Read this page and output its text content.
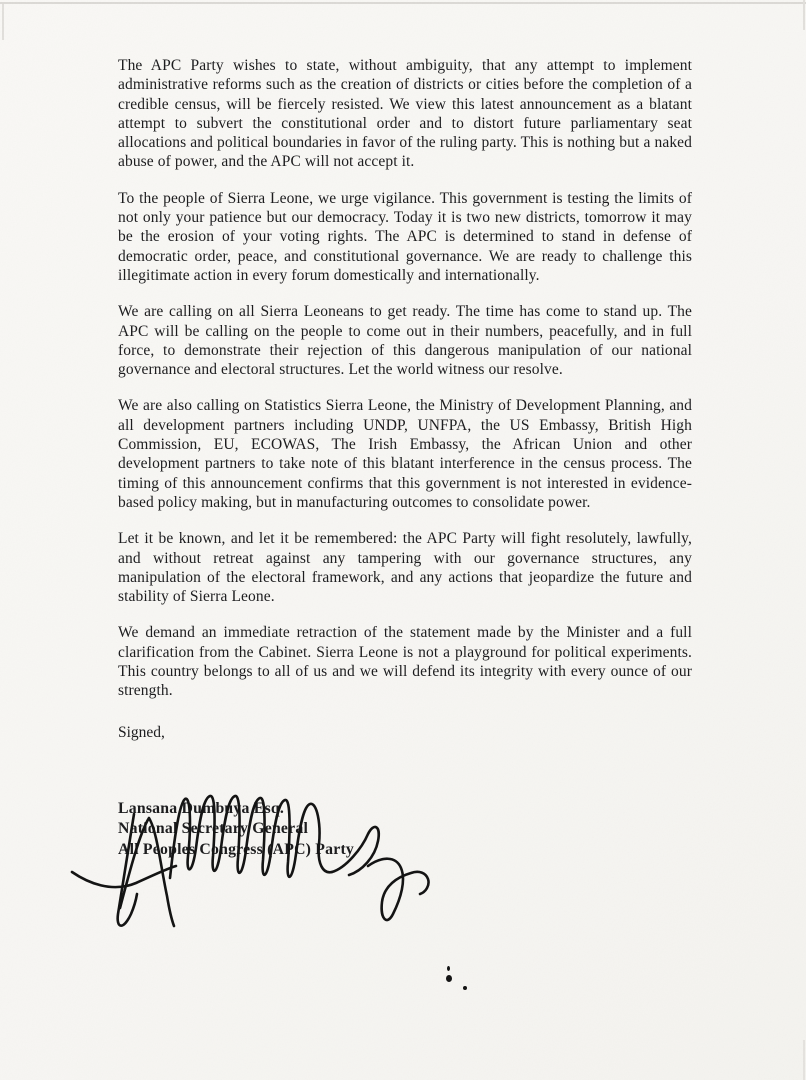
The APC Party wishes to state, without ambiguity, that any attempt to implement administrative reforms such as the creation of districts or cities before the completion of a credible census, will be fiercely resisted. We view this latest announcement as a blatant attempt to subvert the constitutional order and to distort future parliamentary seat allocations and political boundaries in favor of the ruling party. This is nothing but a naked abuse of power, and the APC will not accept it.

To the people of Sierra Leone, we urge vigilance. This government is testing the limits of not only your patience but our democracy. Today it is two new districts, tomorrow it may be the erosion of your voting rights. The APC is determined to stand in defense of democratic order, peace, and constitutional governance. We are ready to challenge this illegitimate action in every forum domestically and internationally.

We are calling on all Sierra Leoneans to get ready. The time has come to stand up. The APC will be calling on the people to come out in their numbers, peacefully, and in full force, to demonstrate their rejection of this dangerous manipulation of our national governance and electoral structures. Let the world witness our resolve.

We are also calling on Statistics Sierra Leone, the Ministry of Development Planning, and all development partners including UNDP, UNFPA, the US Embassy, British High Commission, EU, ECOWAS, The Irish Embassy, the African Union and other development partners to take note of this blatant interference in the census process. The timing of this announcement confirms that this government is not interested in evidence-based policy making, but in manufacturing outcomes to consolidate power.

Let it be known, and let it be remembered: the APC Party will fight resolutely, lawfully, and without retreat against any tampering with our governance structures, any manipulation of the electoral framework, and any actions that jeopardize the future and stability of Sierra Leone.

We demand an immediate retraction of the statement made by the Minister and a full clarification from the Cabinet. Sierra Leone is not a playground for political experiments. This country belongs to all of us and we will defend its integrity with every ounce of our strength.

Signed,
Lansana Dumbuya Esq.
National Secretary General
All Peoples Congress (APC) Party
